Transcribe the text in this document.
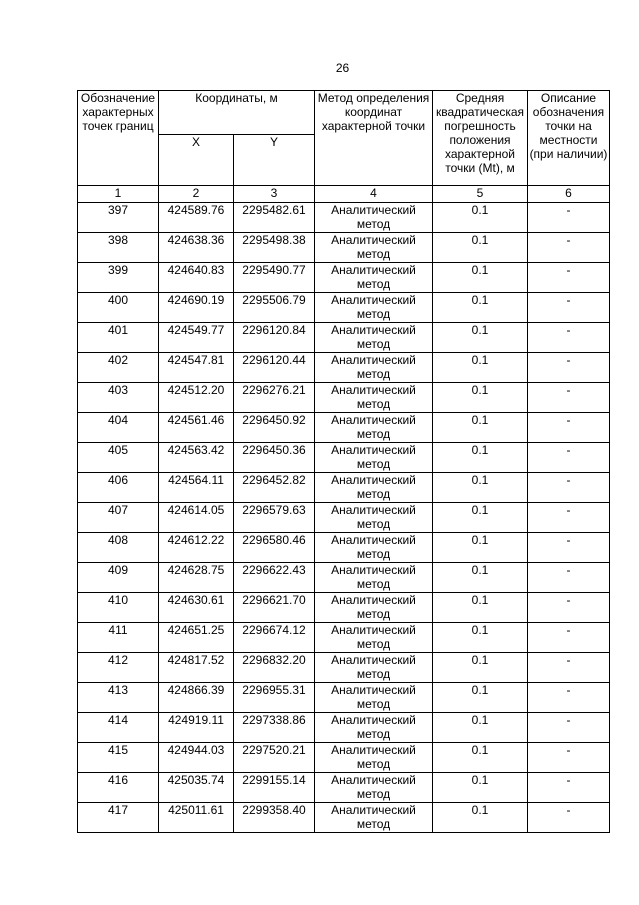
26
Обозначение характерных точек границ	Координаты, м		Метод определения координат характерной точки	Средняя квадратическая погрешность положения характерной точки (Mt), м	Описание обозначения точки на местности (при наличии)
	X	Y			
1	2	3	4	5	6
397	424589.76	2295482.61	Аналитический метод	0.1	-
398	424638.36	2295498.38	Аналитический метод	0.1	-
399	424640.83	2295490.77	Аналитический метод	0.1	-
400	424690.19	2295506.79	Аналитический метод	0.1	-
401	424549.77	2296120.84	Аналитический метод	0.1	-
402	424547.81	2296120.44	Аналитический метод	0.1	-
403	424512.20	2296276.21	Аналитический метод	0.1	-
404	424561.46	2296450.92	Аналитический метод	0.1	-
405	424563.42	2296450.36	Аналитический метод	0.1	-
406	424564.11	2296452.82	Аналитический метод	0.1	-
407	424614.05	2296579.63	Аналитический метод	0.1	-
408	424612.22	2296580.46	Аналитический метод	0.1	-
409	424628.75	2296622.43	Аналитический метод	0.1	-
410	424630.61	2296621.70	Аналитический метод	0.1	-
411	424651.25	2296674.12	Аналитический метод	0.1	-
412	424817.52	2296832.20	Аналитический метод	0.1	-
413	424866.39	2296955.31	Аналитический метод	0.1	-
414	424919.11	2297338.86	Аналитический метод	0.1	-
415	424944.03	2297520.21	Аналитический метод	0.1	-
416	425035.74	2299155.14	Аналитический метод	0.1	-
417	425011.61	2299358.40	Аналитический метод	0.1	-
